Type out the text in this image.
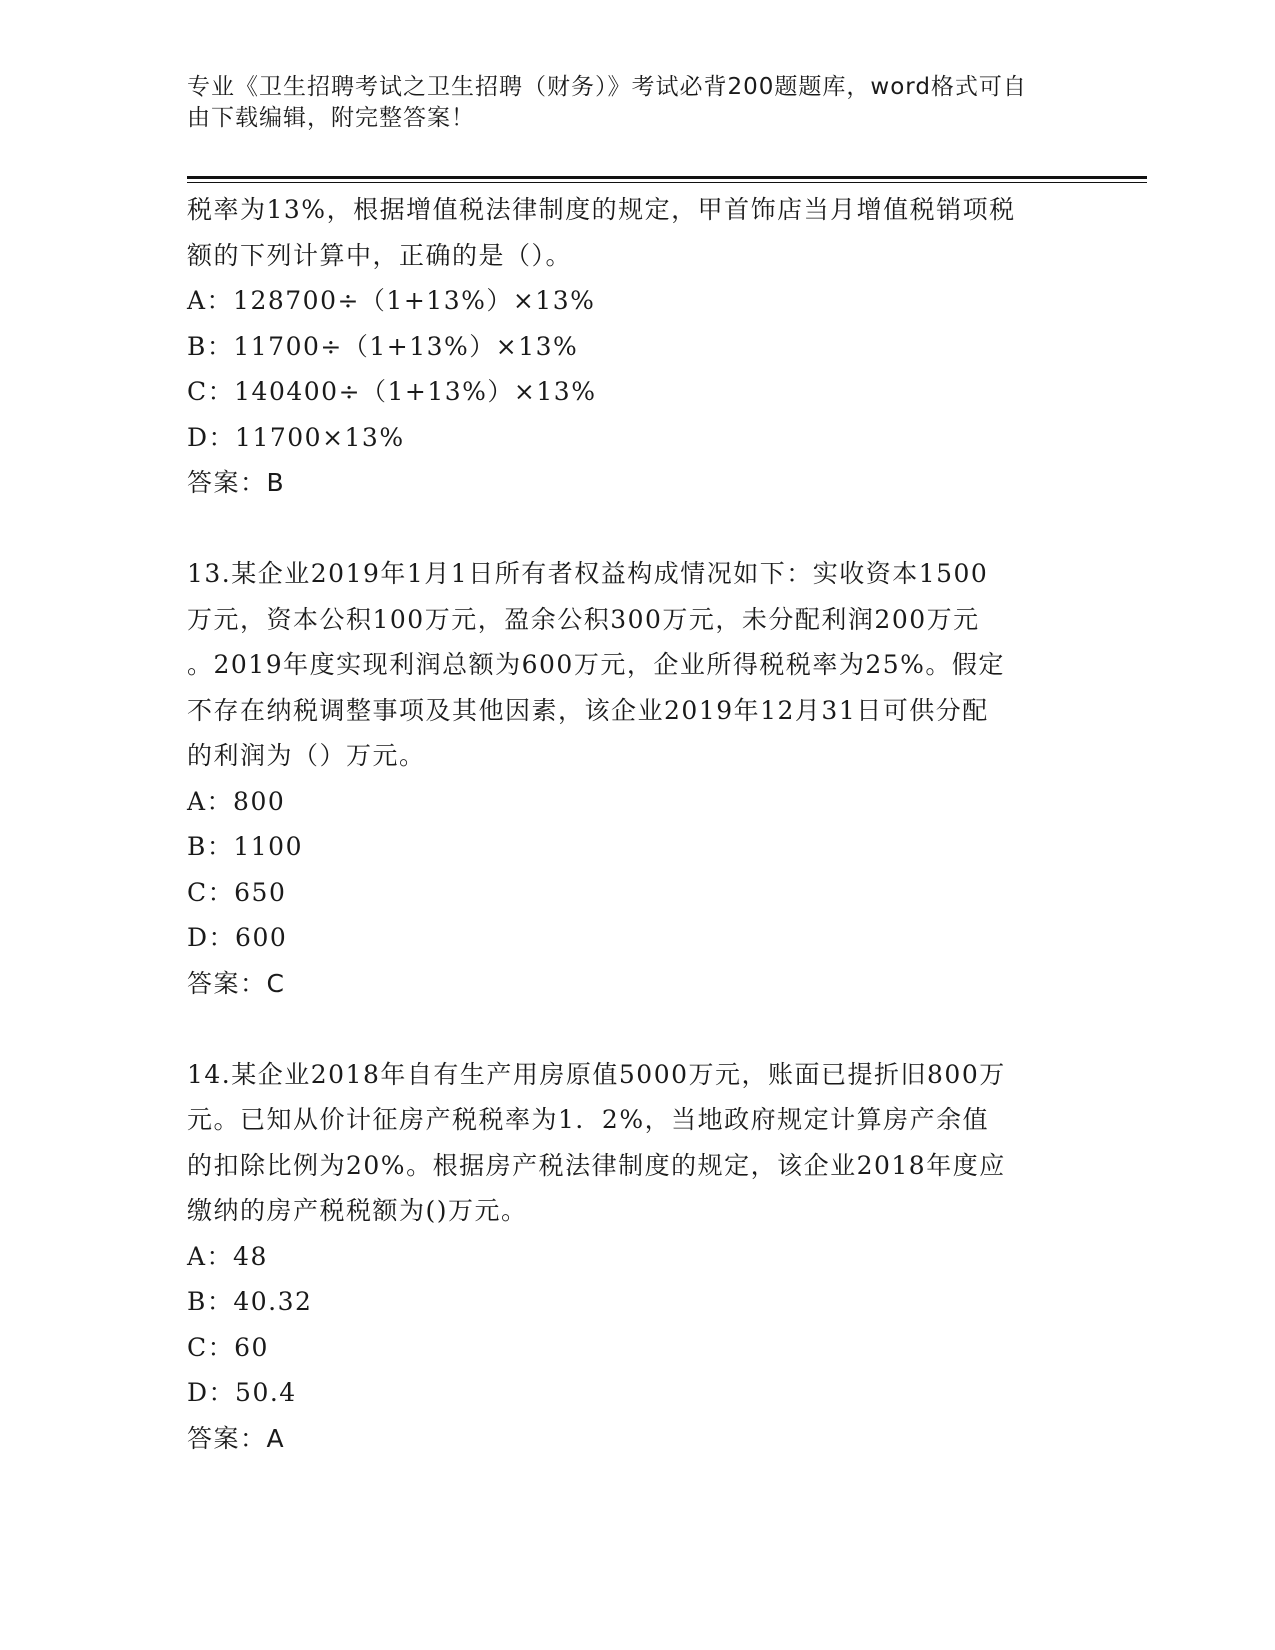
专业《卫生招聘考试之卫生招聘（财务）》考试必背200题题库，word格式可自
由下载编辑，附完整答案！
税率为13%，根据增值税法律制度的规定，甲首饰店当月增值税销项税
额的下列计算中，正确的是（）。
A：128700÷（1+13%）×13%
B：11700÷（1+13%）×13%
C：140400÷（1+13%）×13%
D：11700×13%
答案：B
13.某企业2019年1月1日所有者权益构成情况如下：实收资本1500
万元，资本公积100万元，盈余公积300万元，未分配利润200万元
。2019年度实现利润总额为600万元，企业所得税税率为25%。假定
不存在纳税调整事项及其他因素，该企业2019年12月31日可供分配
的利润为（）万元。
A：800
B：1100
C：650
D：600
答案：C
14.某企业2018年自有生产用房原值5000万元，账面已提折旧800万
元。已知从价计征房产税税率为1．2%，当地政府规定计算房产余值
的扣除比例为20%。根据房产税法律制度的规定，该企业2018年度应
缴纳的房产税税额为()万元。
A：48
B：40.32
C：60
D：50.4
答案：A
